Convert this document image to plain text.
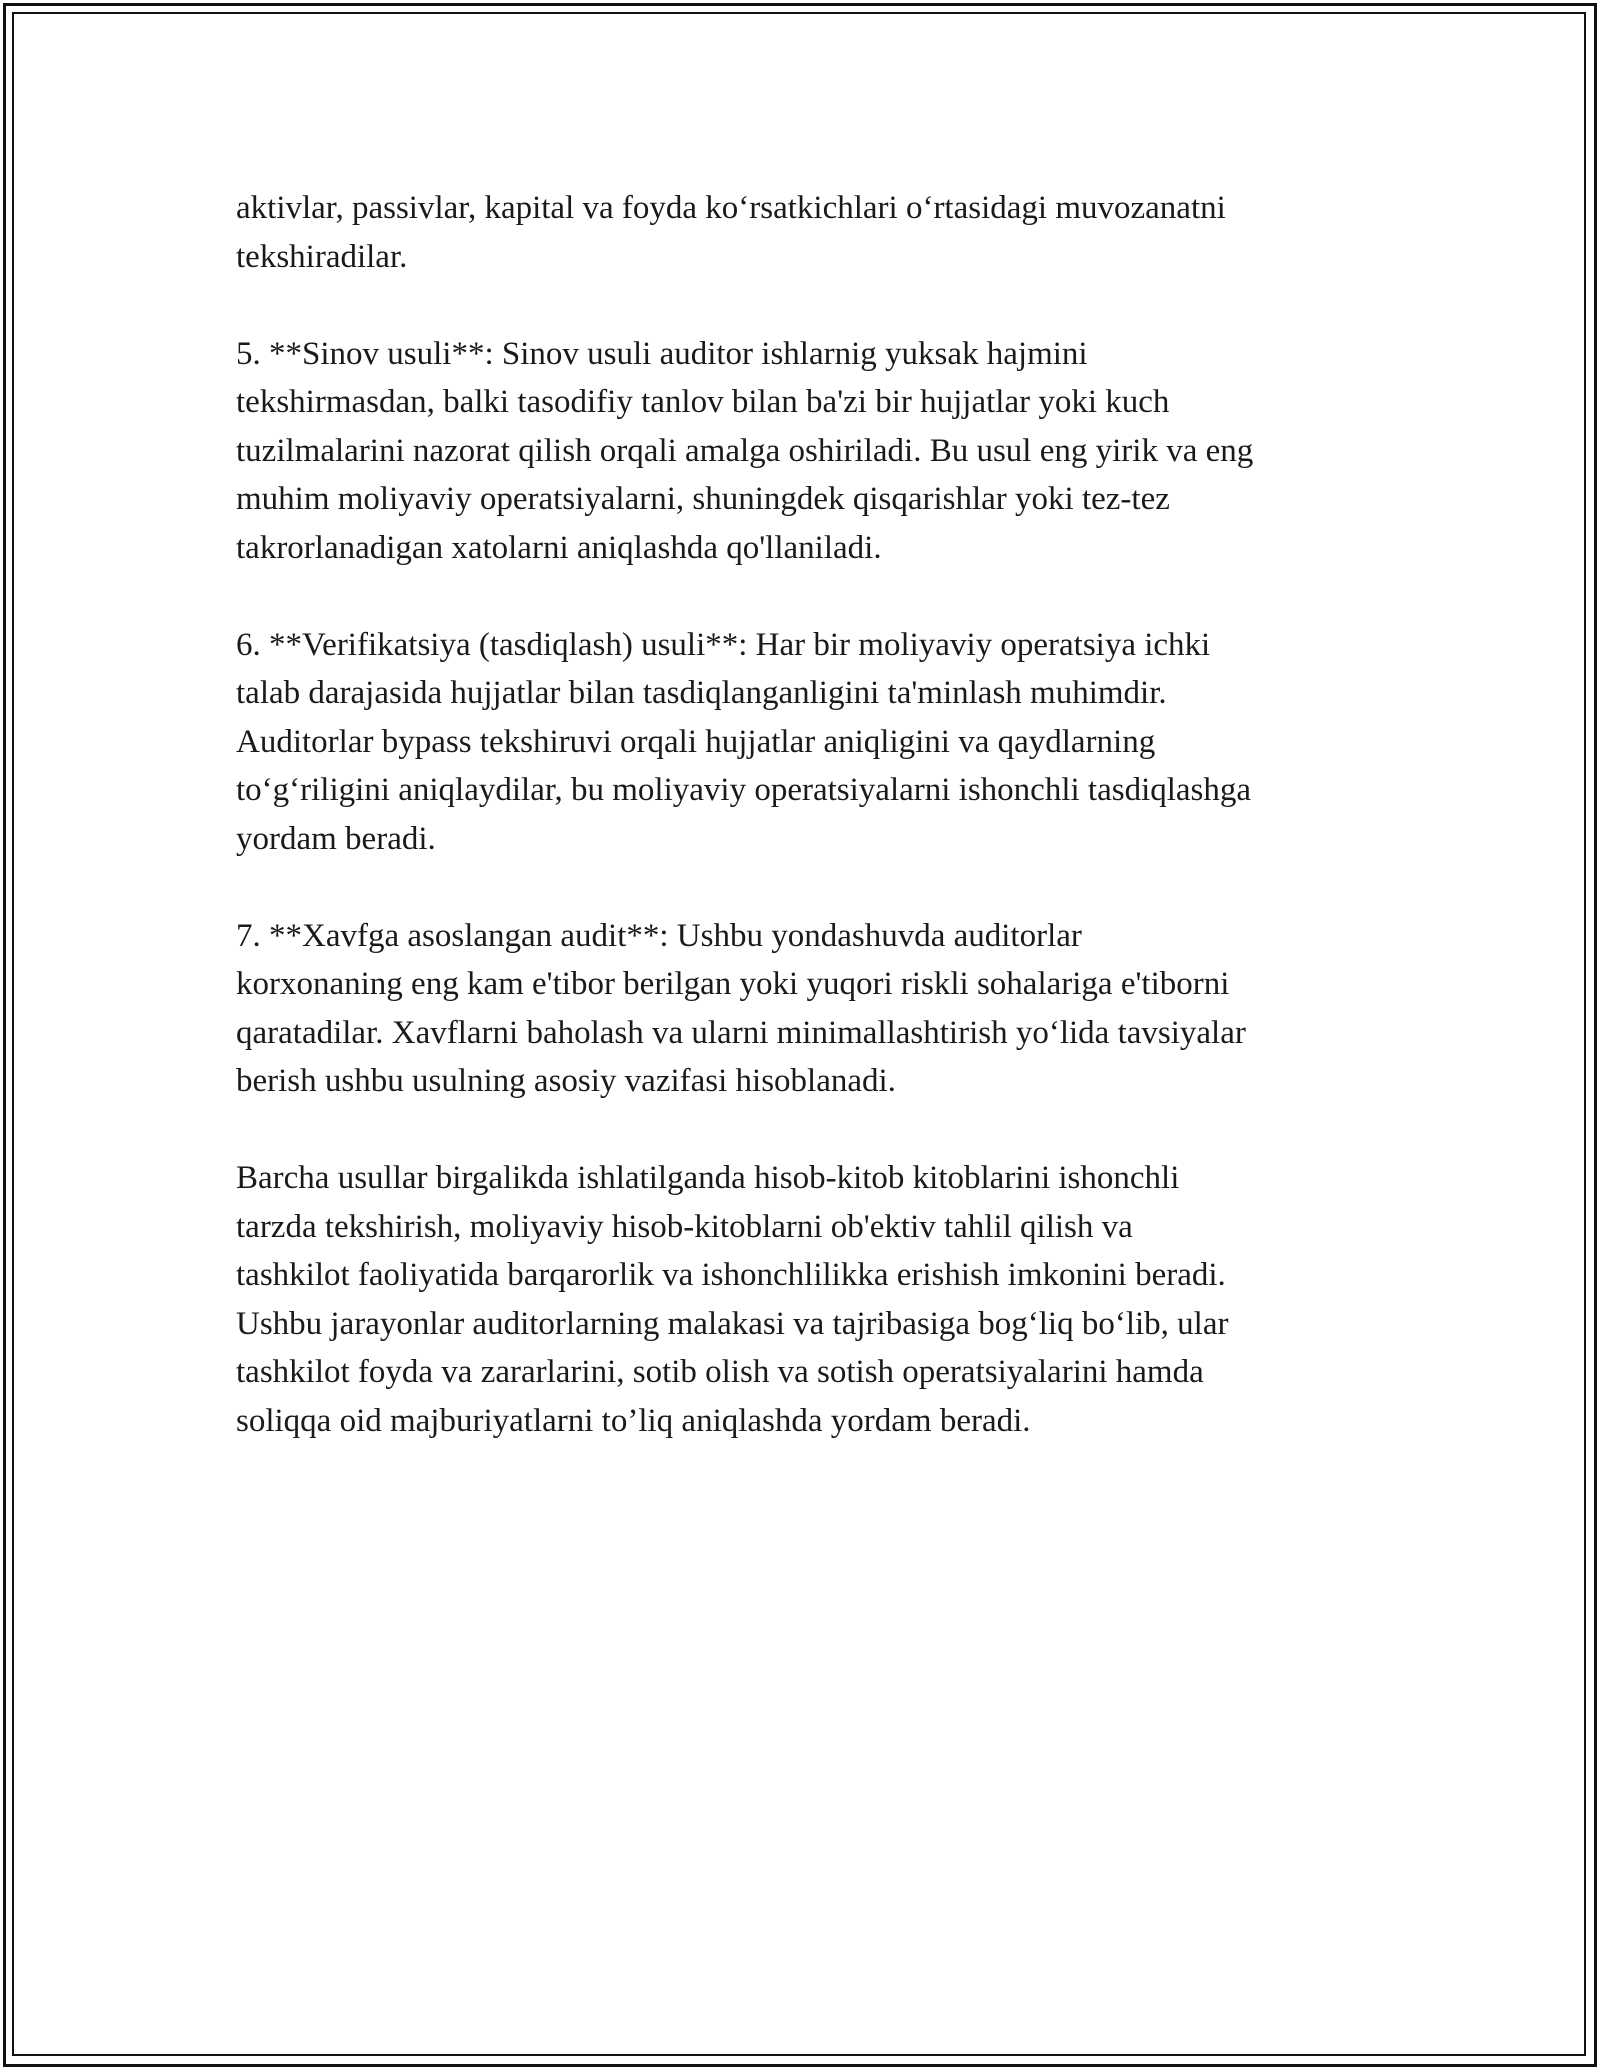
aktivlar, passivlar, kapital va foyda ko‘rsatkichlari o‘rtasidagi muvozanatni
tekshiradilar.

5. **Sinov usuli**: Sinov usuli auditor ishlarnig yuksak hajmini
tekshirmasdan, balki tasodifiy tanlov bilan ba'zi bir hujjatlar yoki kuch
tuzilmalarini nazorat qilish orqali amalga oshiriladi. Bu usul eng yirik va eng
muhim moliyaviy operatsiyalarni, shuningdek qisqarishlar yoki tez-tez
takrorlanadigan xatolarni aniqlashda qo'llaniladi.

6. **Verifikatsiya (tasdiqlash) usuli**: Har bir moliyaviy operatsiya ichki
talab darajasida hujjatlar bilan tasdiqlanganligini ta'minlash muhimdir.
Auditorlar bypass tekshiruvi orqali hujjatlar aniqligini va qaydlarning
to‘g‘riligini aniqlaydilar, bu moliyaviy operatsiyalarni ishonchli tasdiqlashga
yordam beradi.

7. **Xavfga asoslangan audit**: Ushbu yondashuvda auditorlar
korxonaning eng kam e'tibor berilgan yoki yuqori riskli sohalariga e'tiborni
qaratadilar. Xavflarni baholash va ularni minimallashtirish yo‘lida tavsiyalar
berish ushbu usulning asosiy vazifasi hisoblanadi.

Barcha usullar birgalikda ishlatilganda hisob-kitob kitoblarini ishonchli
tarzda tekshirish, moliyaviy hisob-kitoblarni ob'ektiv tahlil qilish va
tashkilot faoliyatida barqarorlik va ishonchlilikka erishish imkonini beradi.
Ushbu jarayonlar auditorlarning malakasi va tajribasiga bog‘liq bo‘lib, ular
tashkilot foyda va zararlarini, sotib olish va sotish operatsiyalarini hamda
soliqqa oid majburiyatlarni to’liq aniqlashda yordam beradi.
